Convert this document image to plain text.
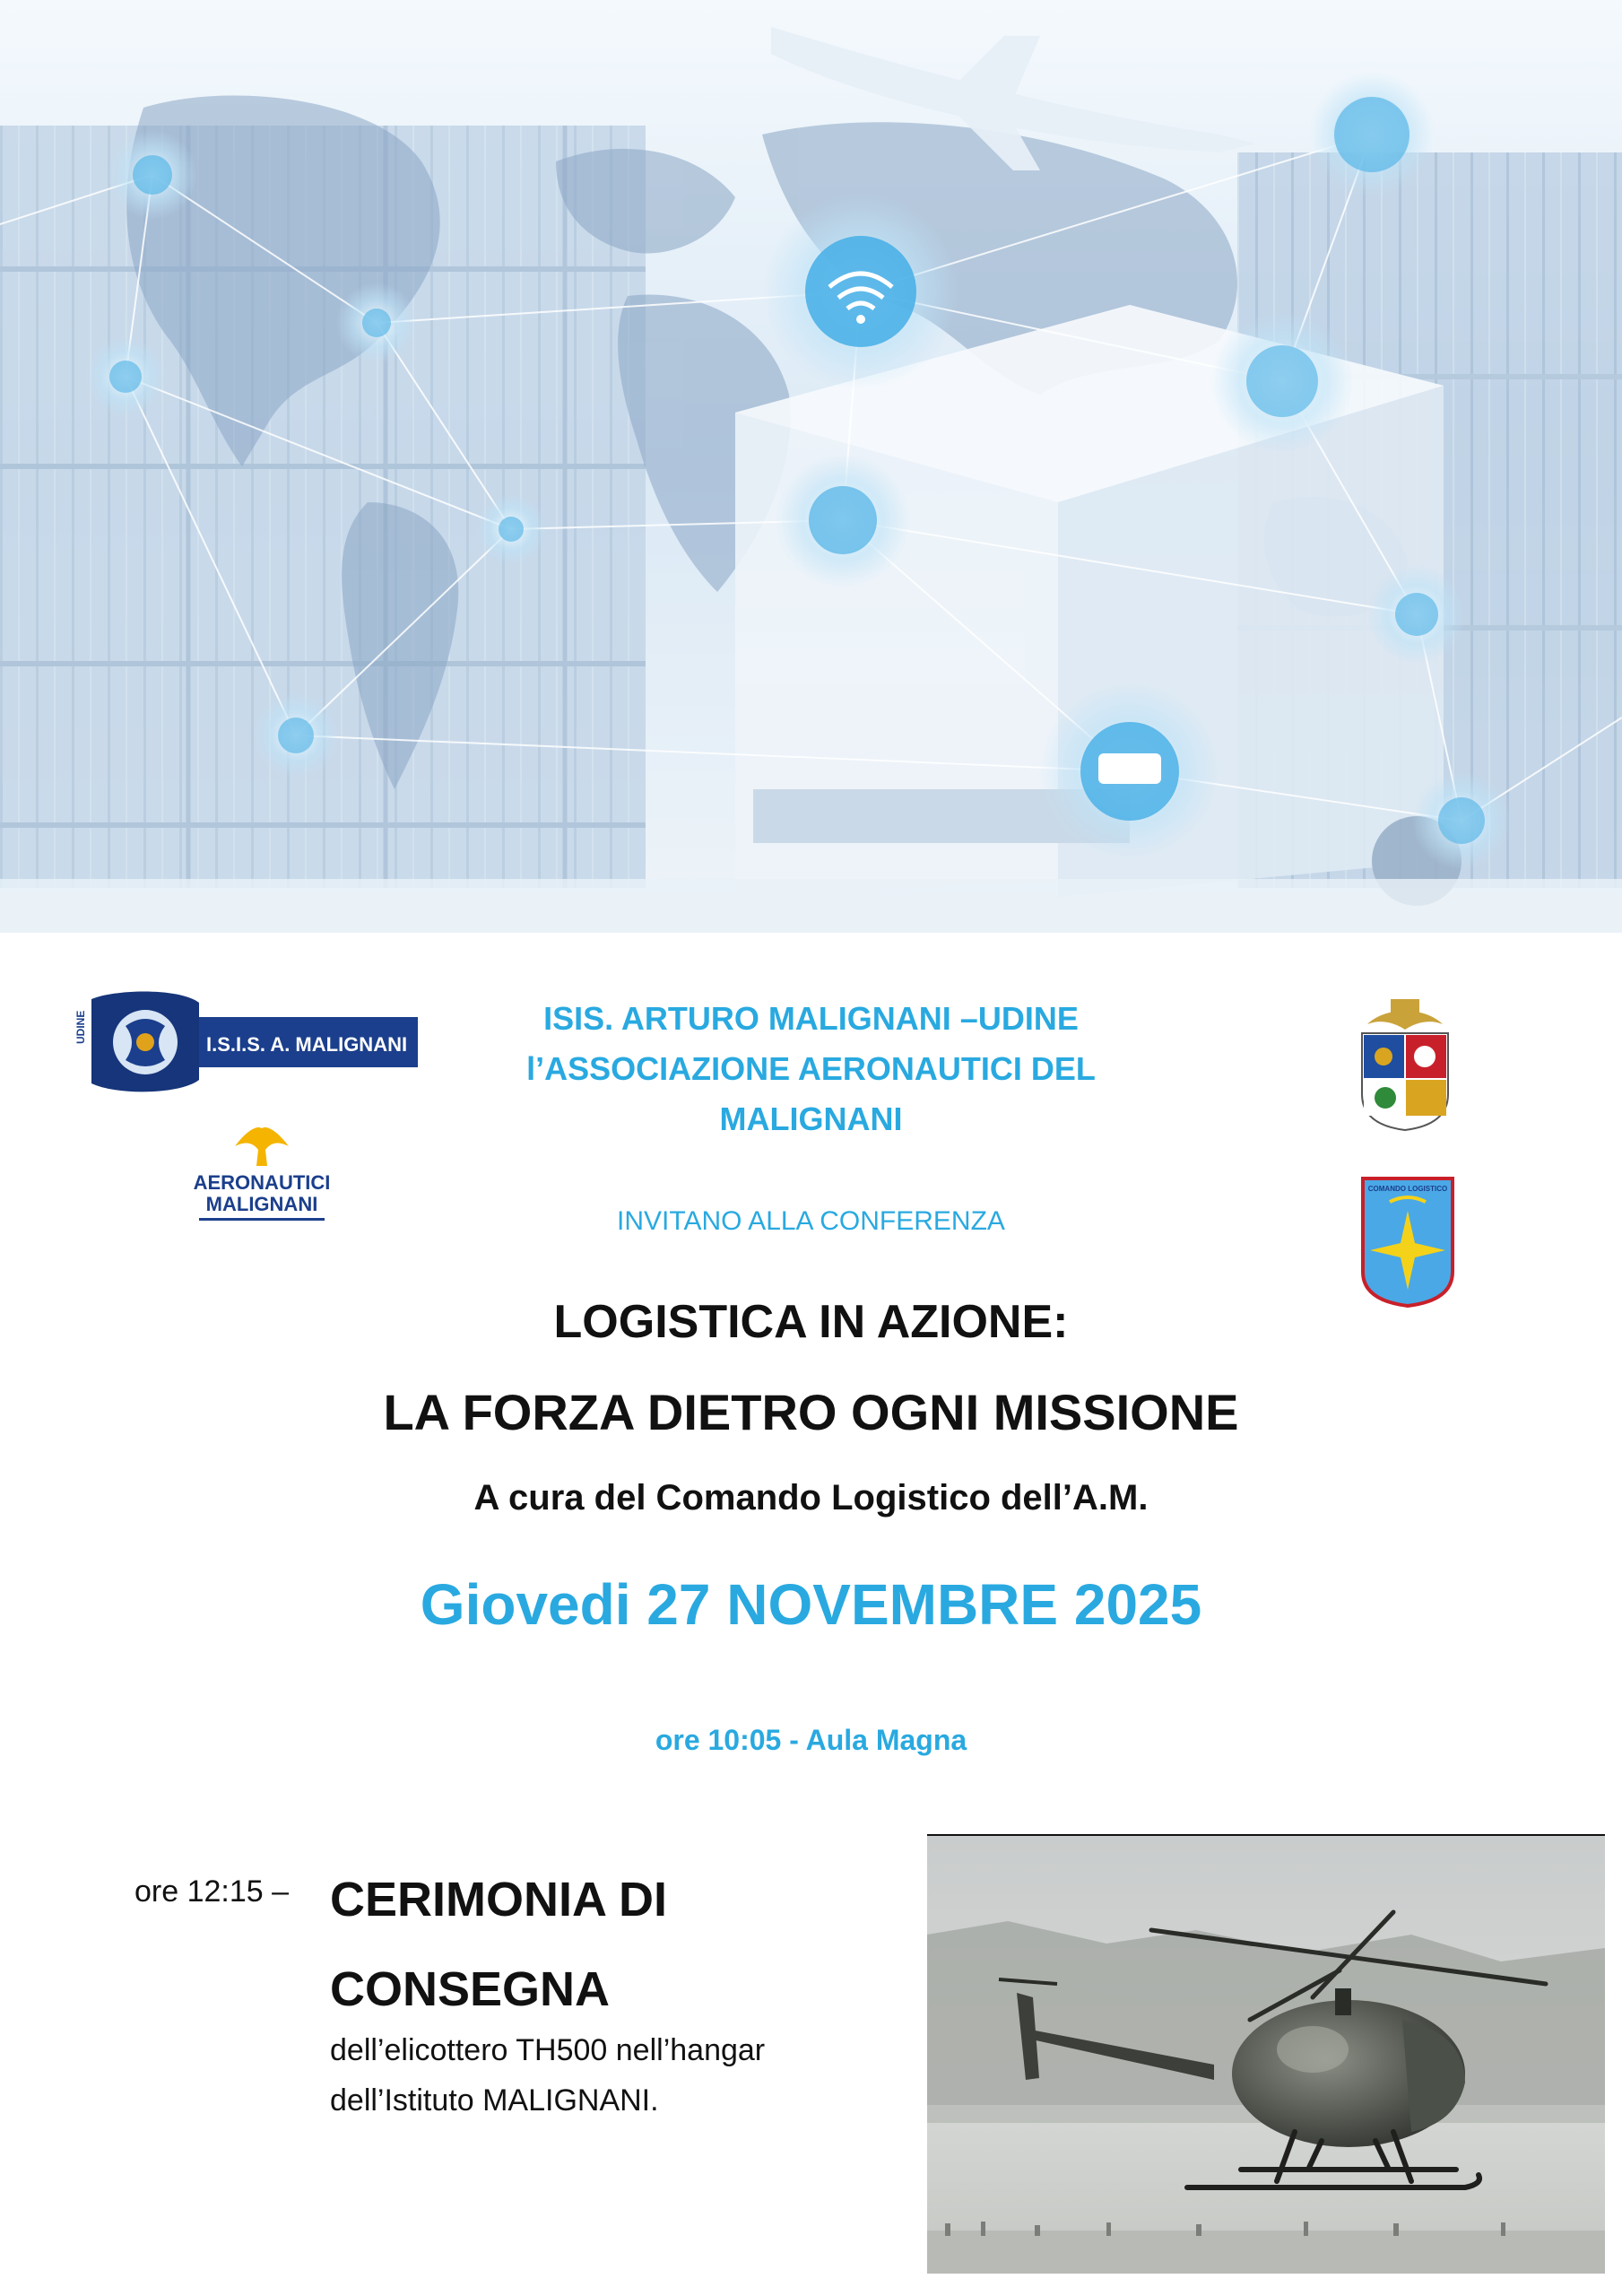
UDINE
I.S.I.S. A. MALIGNANI
AERONAUTICI
MALIGNANI
COMANDO LOGISTICO
ISIS. ARTURO MALIGNANI –UDINE
l’ASSOCIAZIONE AERONAUTICI DEL
MALIGNANI
INVITANO ALLA CONFERENZA
LOGISTICA IN AZIONE:
LA FORZA DIETRO OGNI MISSIONE
A cura del Comando Logistico dell’A.M.
Giovedi 27 NOVEMBRE 2025
ore 10:05 - Aula Magna
ore 12:15 – CERIMONIA DI
CONSEGNA
dell’elicottero TH500 nell’hangar
dell’Istituto MALIGNANI.
